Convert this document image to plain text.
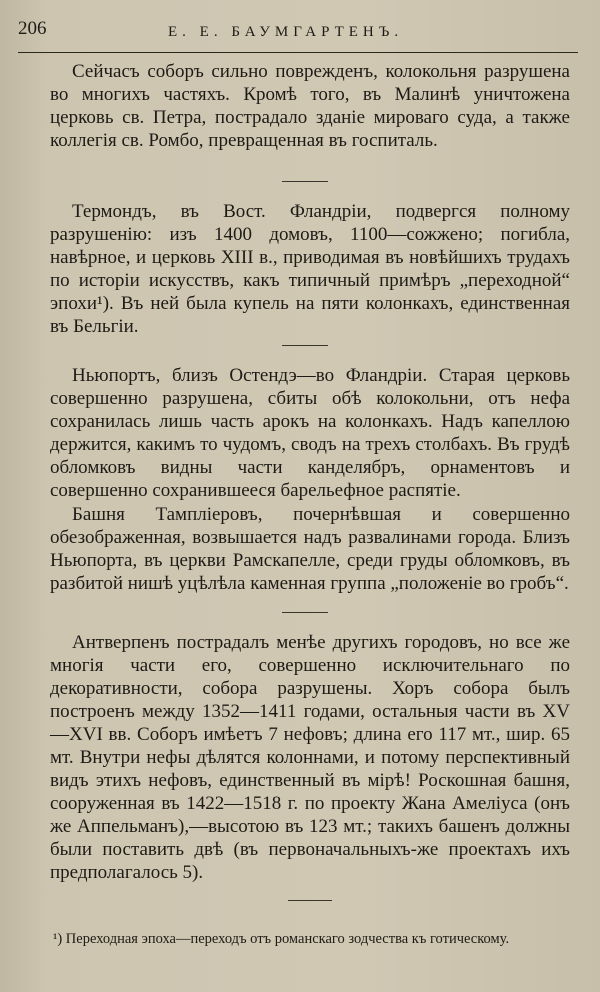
206	Е. Е. БАУМГАРТЕНЪ.

Сейчасъ соборъ сильно поврежденъ, колокольня разрушена во многихъ частяхъ. Кромѣ того, въ Малинѣ уничтожена церковь св. Петра, пострадало зданіе мироваго суда, а также коллегія св. Ромбо, превращенная въ госпиталь.

Термондъ, въ Вост. Фландріи, подвергся полному разрушенію: изъ 1400 домовъ, 1100—сожжено; погибла, навѣрное, и церковь XIII в., приводимая въ новѣйшихъ трудахъ по исторіи искусствъ, какъ типичный примѣръ „переходной“ эпохи¹). Въ ней была купель на пяти колонкахъ, единственная въ Бельгіи.

Ньюпортъ, близъ Остендэ—во Фландріи. Старая церковь совершенно разрушена, сбиты обѣ колокольни, отъ нефа сохранилась лишь часть арокъ на колонкахъ. Надъ капеллою держится, какимъ то чудомъ, сводъ на трехъ столбахъ. Въ грудѣ обломковъ видны части канделябръ, орнаментовъ и совершенно сохранившееся барельефное распятіе.

Башня Тампліеровъ, почернѣвшая и совершенно обезображенная, возвышается надъ развалинами города. Близъ Ньюпорта, въ церкви Рамскапелле, среди груды обломковъ, въ разбитой нишѣ уцѣлѣла каменная группа „положеніе во гробъ“.

Антверпенъ пострадалъ менѣе другихъ городовъ, но все же многія части его, совершенно исключительнаго по декоративности, собора разрушены. Хоръ собора былъ построенъ между 1352—1411 годами, остальныя части въ XV—XVI вв. Соборъ имѣетъ 7 нефовъ; длина его 117 мт., шир. 65 мт. Внутри нефы дѣлятся колоннами, и потому перспективный видъ этихъ нефовъ, единственный въ мірѣ! Роскошная башня, сооруженная въ 1422—1518 г. по проекту Жана Амеліуса (онъ же Аппельманъ),—высотою въ 123 мт.; такихъ башенъ должны были поставить двѣ (въ первоначальныхъ-же проектахъ ихъ предполагалось 5).

¹) Переходная эпоха—переходъ отъ романскаго зодчества къ готическому.
